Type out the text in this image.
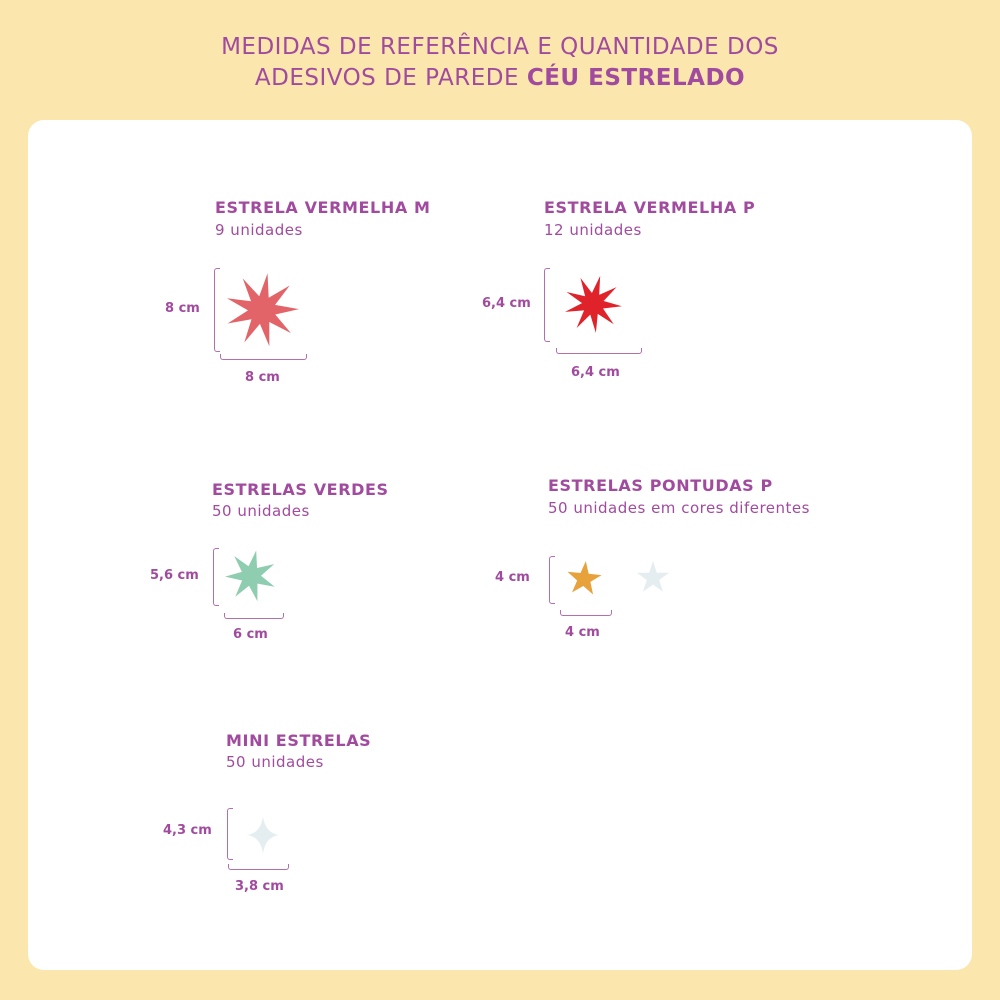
MEDIDAS DE REFERÊNCIA E QUANTIDADE DOS
ADESIVOS DE PAREDE CÉU ESTRELADO
ESTRELA VERMELHA M
9 unidades
8 cm
8 cm
ESTRELA VERMELHA P
12 unidades
6,4 cm
6,4 cm
ESTRELAS VERDES
50 unidades
5,6 cm
6 cm
ESTRELAS PONTUDAS P
50 unidades em cores diferentes
4 cm
4 cm
MINI ESTRELAS
50 unidades
4,3 cm
3,8 cm
